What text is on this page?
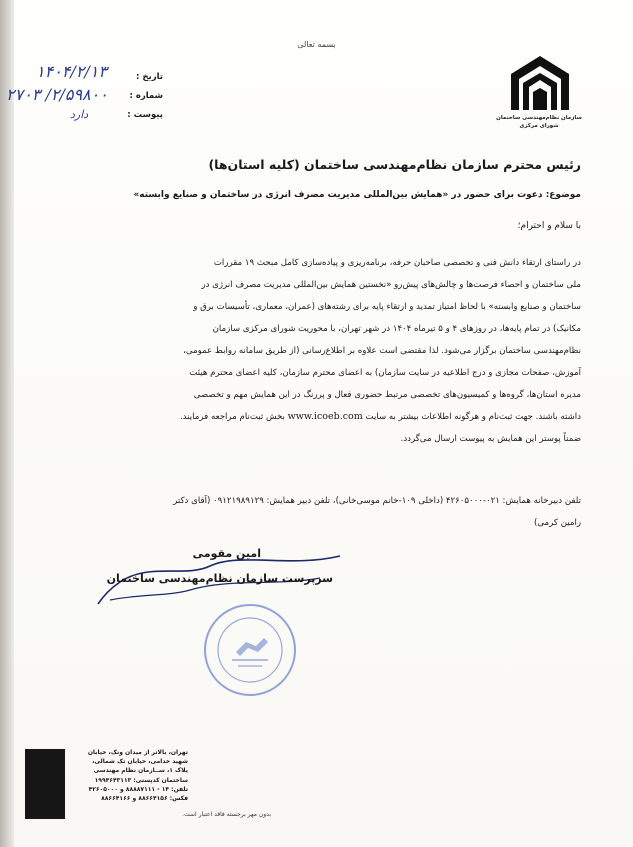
بسمه تعالی
سازمان نظام‌مهندسی ساختمان
شورای مرکزی
تاریخ :
شماره :
پیوست :
۱۴۰۴/۲/۱۳
۲/۵۹۸۰۰/ ۲۷۰۳
دارد
رئیس محترم سازمان نظام‌مهندسی ساختمان (کلیه استان‌ها)
موضوع: دعوت برای حضور در «همایش بین‌المللی مدیریت مصرف انرژی در ساختمان و صنایع وابسته»
با سلام و احترام؛

در راستای ارتقاء دانش فنی و تخصصی صاحبان حرفه، برنامه‌ریزی و پیاده‌سازی کامل مبحث ۱۹ مقررات

ملی ساختمان و احصاء فرصت‌ها و چالش‌های پیش‌رو «نخستین همایش بین‌المللی مدیریت مصرف انرژی در

ساختمان و صنایع وابسته» با لحاظ امتیاز تمدید و ارتقاء پایه برای رشته‌های (عمران، معماری، تأسیسات برق و

مکانیک) در تمام پایه‌ها، در روزهای ۴ و ۵ تیرماه ۱۴۰۴ در شهر تهران، با محوریت شورای مرکزی سازمان

نظام‌مهندسی ساختمان برگزار می‌شود. لذا مقتضی است علاوه بر اطلاع‌رسانی (از طریق سامانه روابط عمومی،

آموزش، صفحات مجازی و درج اطلاعیه در سایت سازمان) به اعضای محترم سازمان، کلیه اعضای محترم هیئت

مدیره استان‌ها، گروه‌ها و کمیسیون‌های تخصصی مرتبط حضوری فعال و پررنگ در این همایش مهم و تخصصی

داشته باشند. جهت ثبت‌نام و هرگونه اطلاعات بیشتر به سایت www.icoeb.com بخش ثبت‌نام مراجعه فرمایند.

ضمناً پوستر این همایش به پیوست ارسال می‌گردد.

تلفن دبیرخانه همایش: ۰۲۱-۴۲۶۰۵۰۰۰ (داخلی ۱۰۹-خانم موسی‌خانی)، تلفن دبیر همایش: ۰۹۱۲۱۹۸۹۱۲۹ (آقای دکتر

رامین کرمی)

امین مقومی
سرپرست سازمان نظام‌مهندسی ساختمان

تهران، بالاتر از میدان ونک، خیابان

شهید خدامی، خیابان تک شمالی،

پلاک ۱، ســازمان نظام مهندسی

ساختمان کدپستی: ۱۹۹۴۶۴۳۱۱۳

تلفن: ۱۴ - ۸۸۸۸۷۱۱۱ و ۴۲۶۰۵۰۰۰

فکس: ۸۸۶۶۴۱۵۶ و ۸۸۶۶۴۱۶۶

بدون مهر برجسته فاقد اعتبار است.
